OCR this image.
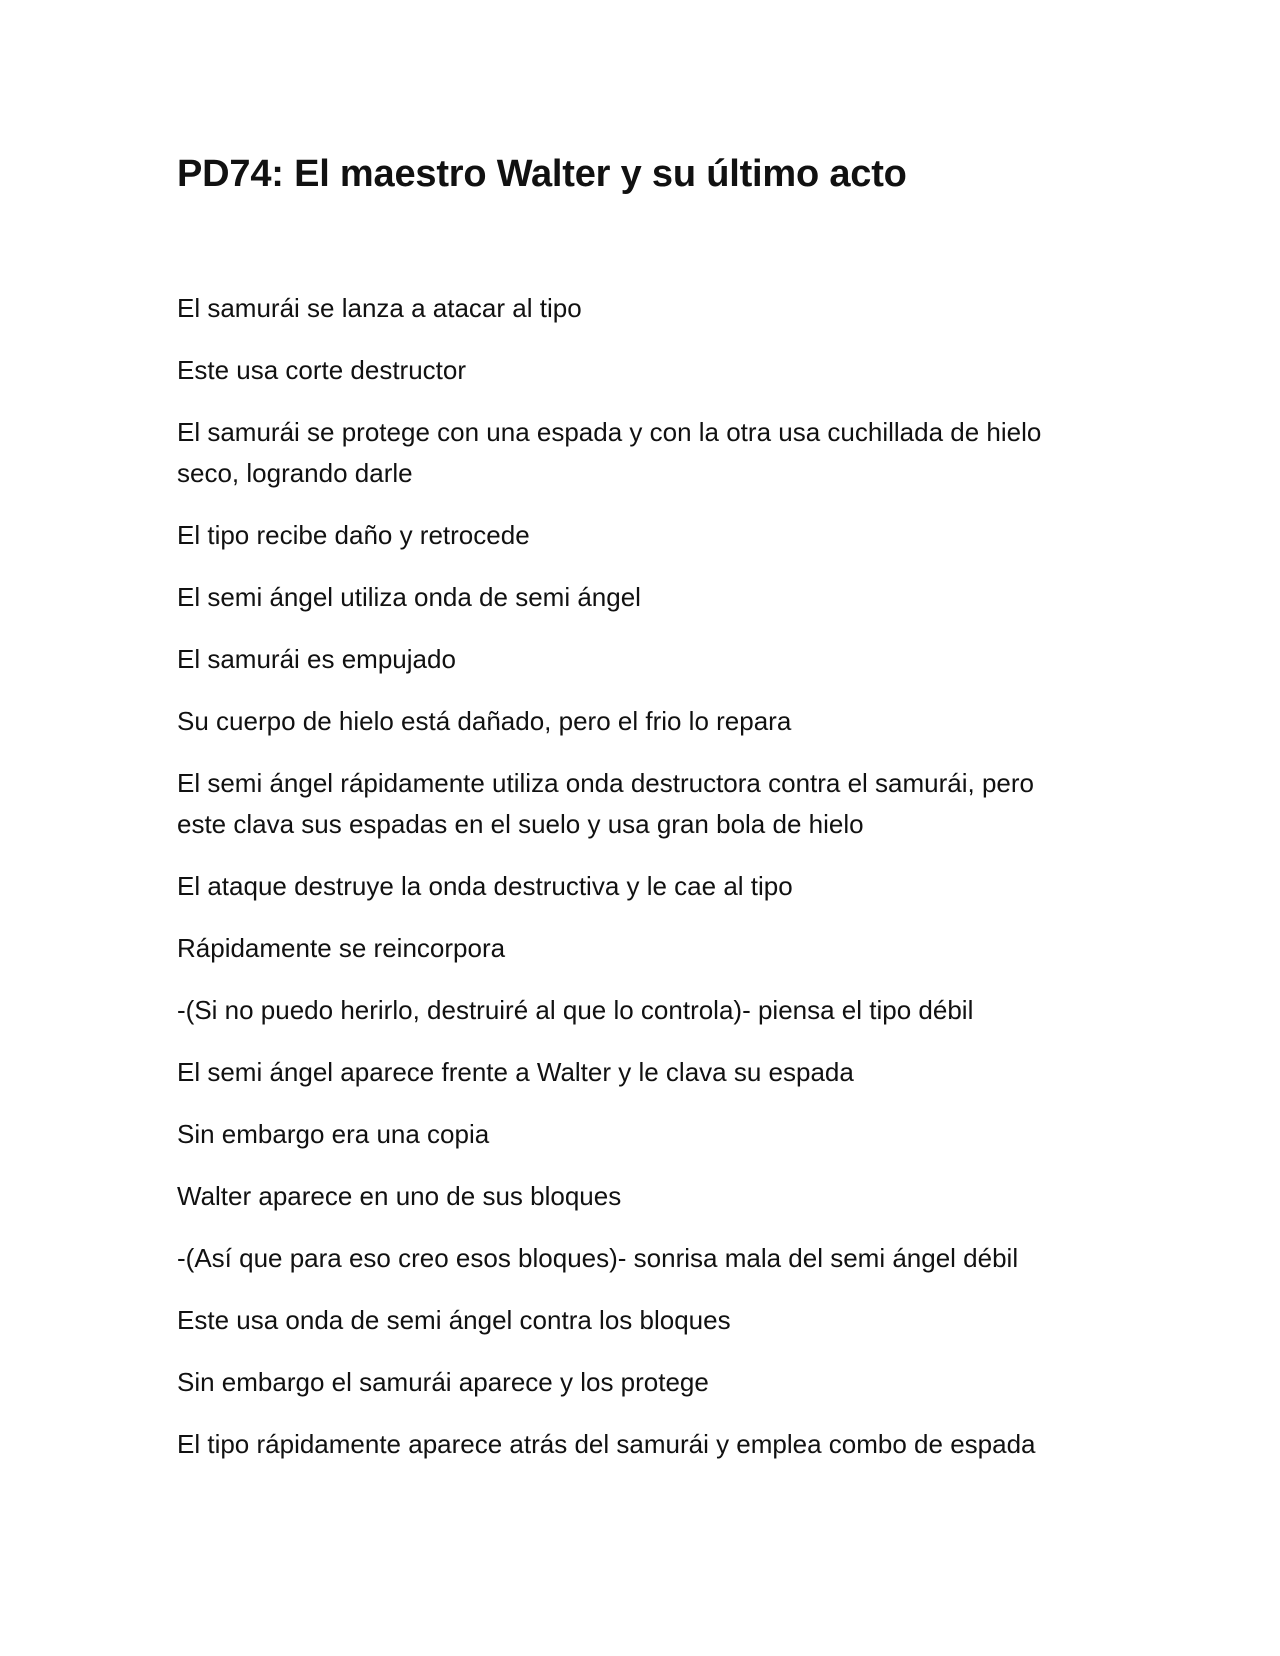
PD74: El maestro Walter y su último acto

El samurái se lanza a atacar al tipo

Este usa corte destructor

El samurái se protege con una espada y con la otra usa cuchillada de hielo seco, logrando darle

El tipo recibe daño y retrocede

El semi ángel utiliza onda de semi ángel

El samurái es empujado

Su cuerpo de hielo está dañado, pero el frio lo repara

El semi ángel rápidamente utiliza onda destructora contra el samurái, pero este clava sus espadas en el suelo y usa gran bola de hielo

El ataque destruye la onda destructiva y le cae al tipo

Rápidamente se reincorpora

-(Si no puedo herirlo, destruiré al que lo controla)- piensa el tipo débil

El semi ángel aparece frente a Walter y le clava su espada

Sin embargo era una copia

Walter aparece en uno de sus bloques

-(Así que para eso creo esos bloques)- sonrisa mala del semi ángel débil

Este usa onda de semi ángel contra los bloques

Sin embargo el samurái aparece y los protege

El tipo rápidamente aparece atrás del samurái y emplea combo de espada
